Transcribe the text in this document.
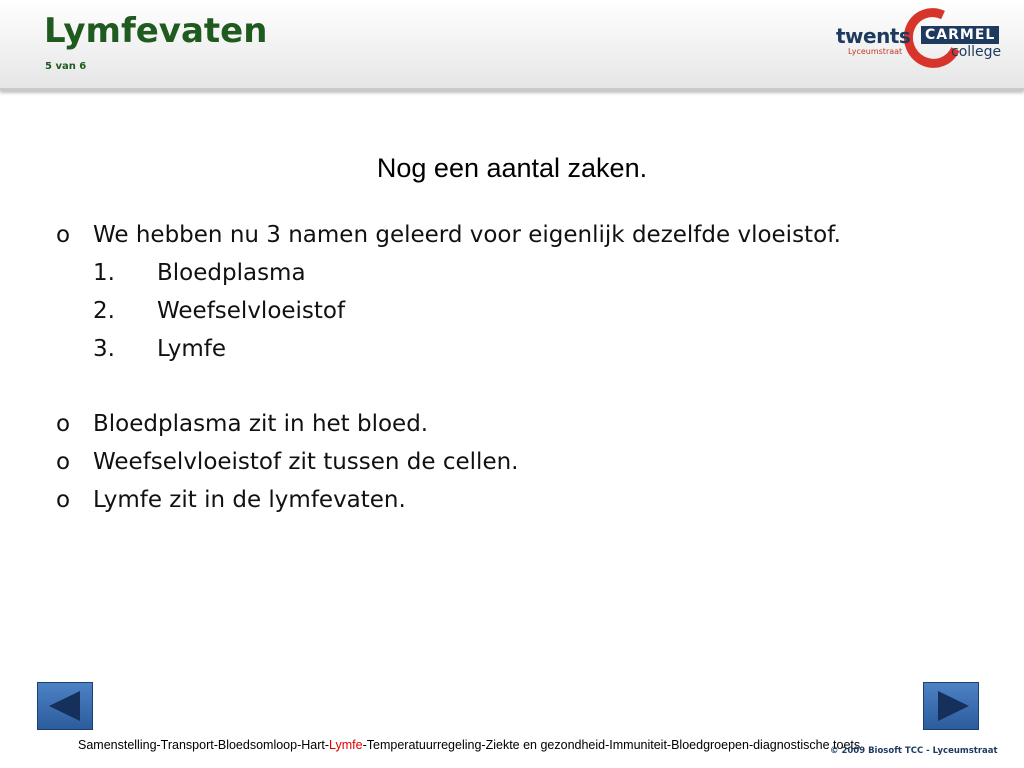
Lymfevaten
5 van 6
twents
Lyceumstraat
CARMEL
college
Nog een aantal zaken.
o We hebben nu 3 namen geleerd voor eigenlijk dezelfde vloeistof.
1. Bloedplasma
2. Weefselvloeistof
3. Lymfe
o Bloedplasma zit in het bloed.
o Weefselvloeistof zit tussen de cellen.
o Lymfe zit in de lymfevaten.
Samenstelling-Transport-Bloedsomloop-Hart-Lymfe-Temperatuurregeling-Ziekte en gezondheid-Immuniteit-Bloedgroepen-diagnostische toets
© 2009 Biosoft TCC - Lyceumstraat
